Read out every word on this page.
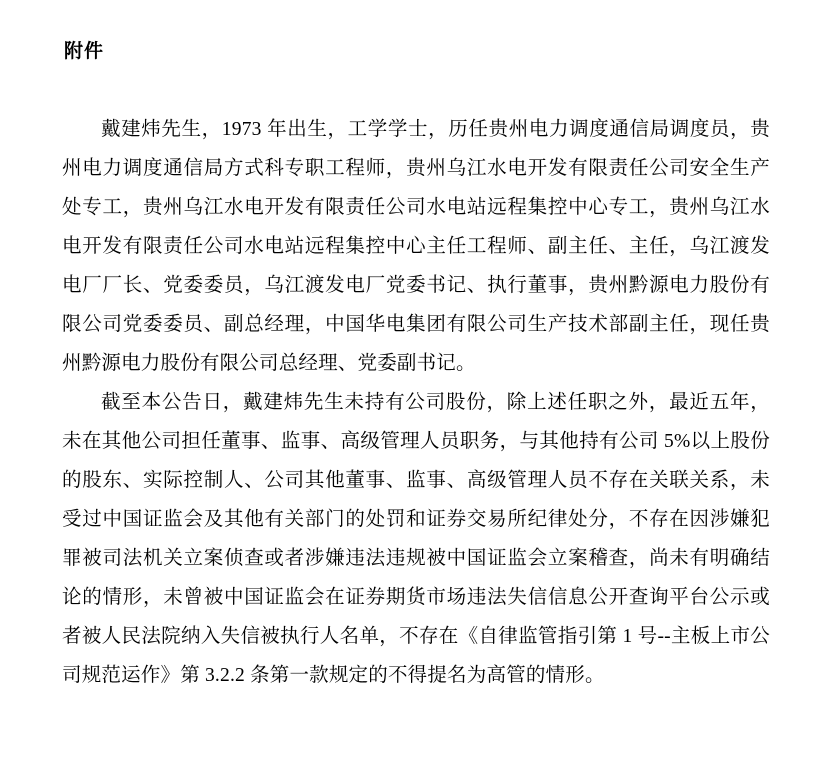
附件

戴建炜先生，1973 年出生，工学学士，历任贵州电力调度通信局调度员，贵州电力调度通信局方式科专职工程师，贵州乌江水电开发有限责任公司安全生产处专工，贵州乌江水电开发有限责任公司水电站远程集控中心专工，贵州乌江水电开发有限责任公司水电站远程集控中心主任工程师、副主任、主任，乌江渡发电厂厂长、党委委员，乌江渡发电厂党委书记、执行董事，贵州黔源电力股份有限公司党委委员、副总经理，中国华电集团有限公司生产技术部副主任，现任贵州黔源电力股份有限公司总经理、党委副书记。

截至本公告日，戴建炜先生未持有公司股份，除上述任职之外，最近五年，未在其他公司担任董事、监事、高级管理人员职务，与其他持有公司 5%以上股份的股东、实际控制人、公司其他董事、监事、高级管理人员不存在关联关系，未受过中国证监会及其他有关部门的处罚和证券交易所纪律处分，不存在因涉嫌犯罪被司法机关立案侦查或者涉嫌违法违规被中国证监会立案稽查，尚未有明确结论的情形，未曾被中国证监会在证券期货市场违法失信信息公开查询平台公示或者被人民法院纳入失信被执行人名单，不存在《自律监管指引第 1 号--主板上市公司规范运作》第 3.2.2 条第一款规定的不得提名为高管的情形。
